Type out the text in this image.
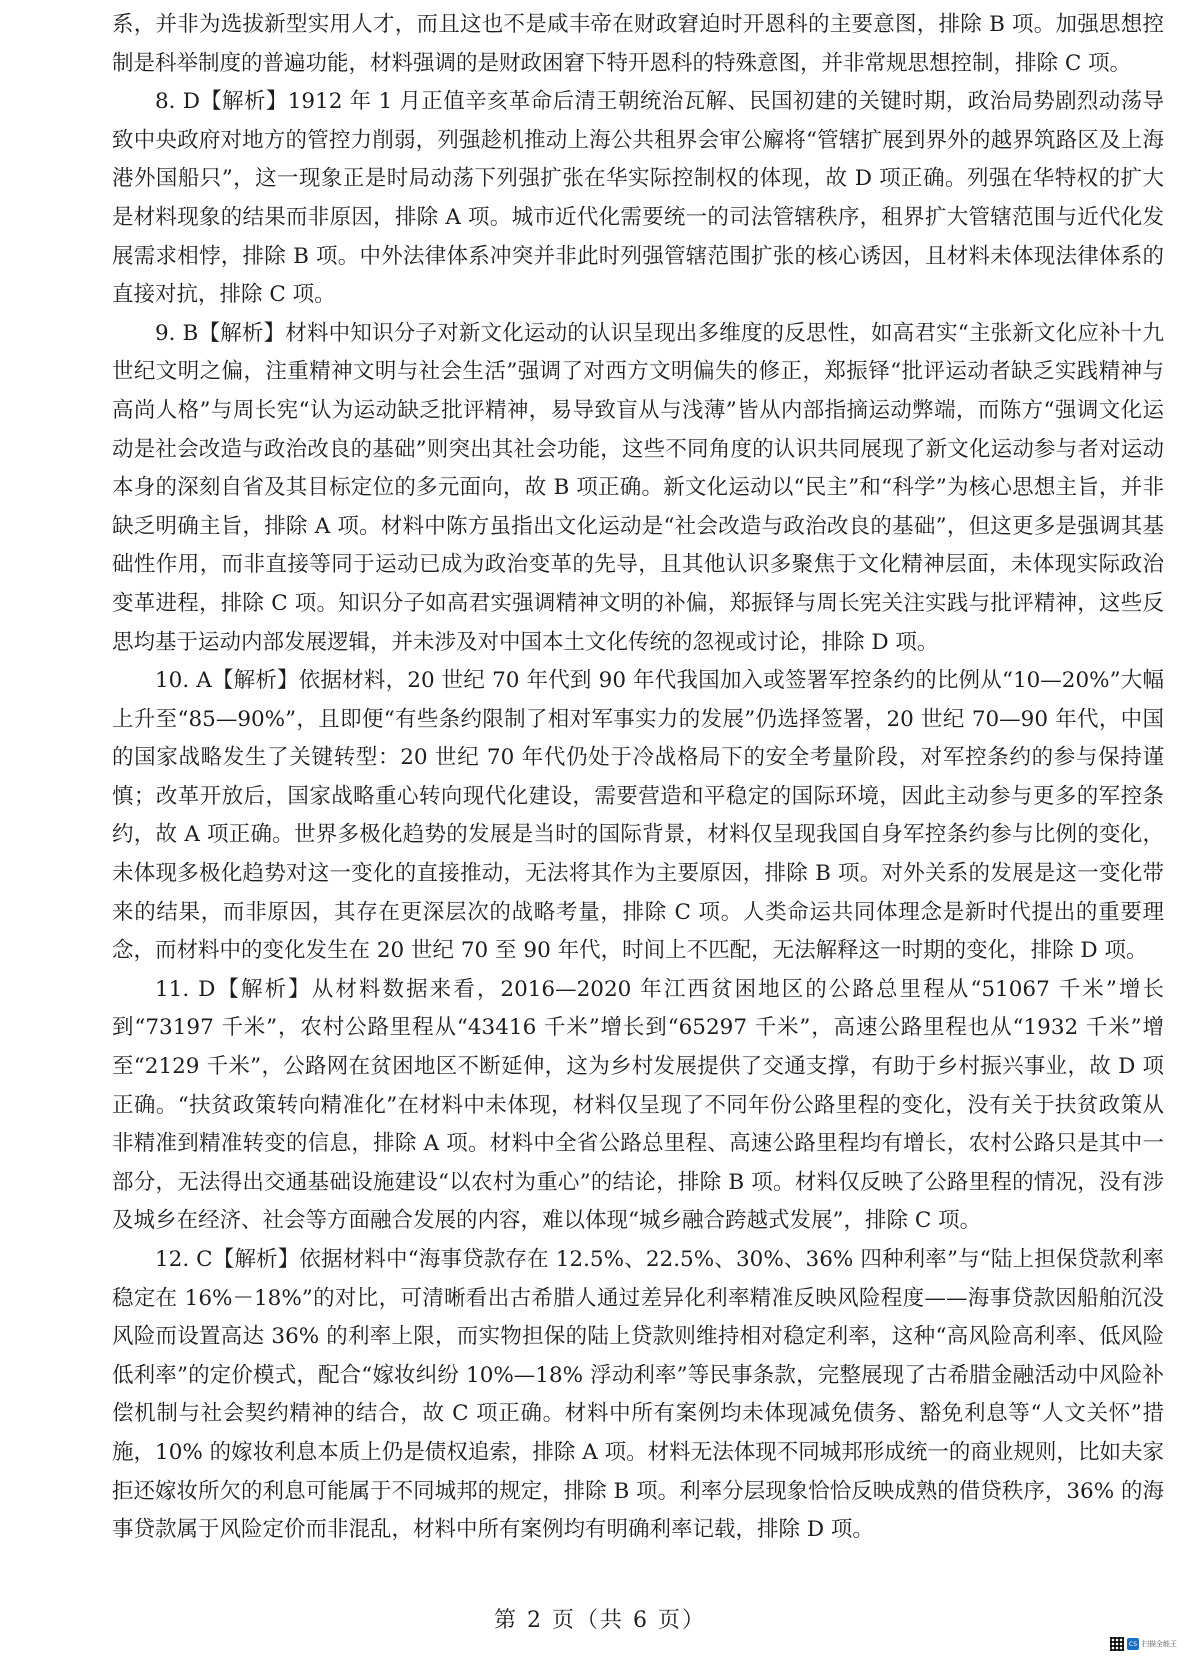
系，并非为选拔新型实用人才，而且这也不是咸丰帝在财政窘迫时开恩科的主要意图，排除 B 项。加强思想控制是科举制度的普遍功能，材料强调的是财政困窘下特开恩科的特殊意图，并非常规思想控制，排除 C 项。

8. D【解析】1912 年 1 月正值辛亥革命后清王朝统治瓦解、民国初建的关键时期，政治局势剧烈动荡导致中央政府对地方的管控力削弱，列强趁机推动上海公共租界会审公廨将“管辖扩展到界外的越界筑路区及上海港外国船只”，这一现象正是时局动荡下列强扩张在华实际控制权的体现，故 D 项正确。列强在华特权的扩大是材料现象的结果而非原因，排除 A 项。城市近代化需要统一的司法管辖秩序，租界扩大管辖范围与近代化发展需求相悖，排除 B 项。中外法律体系冲突并非此时列强管辖范围扩张的核心诱因，且材料未体现法律体系的直接对抗，排除 C 项。

9. B【解析】材料中知识分子对新文化运动的认识呈现出多维度的反思性，如高君实“主张新文化应补十九世纪文明之偏，注重精神文明与社会生活”强调了对西方文明偏失的修正，郑振铎“批评运动者缺乏实践精神与高尚人格”与周长宪“认为运动缺乏批评精神，易导致盲从与浅薄”皆从内部指摘运动弊端，而陈方“强调文化运动是社会改造与政治改良的基础”则突出其社会功能，这些不同角度的认识共同展现了新文化运动参与者对运动本身的深刻自省及其目标定位的多元面向，故 B 项正确。新文化运动以“民主”和“科学”为核心思想主旨，并非缺乏明确主旨，排除 A 项。材料中陈方虽指出文化运动是“社会改造与政治改良的基础”，但这更多是强调其基础性作用，而非直接等同于运动已成为政治变革的先导，且其他认识多聚焦于文化精神层面，未体现实际政治变革进程，排除 C 项。知识分子如高君实强调精神文明的补偏，郑振铎与周长宪关注实践与批评精神，这些反思均基于运动内部发展逻辑，并未涉及对中国本土文化传统的忽视或讨论，排除 D 项。

10. A【解析】依据材料，20 世纪 70 年代到 90 年代我国加入或签署军控条约的比例从“10—20%”大幅上升至“85—90%”，且即便“有些条约限制了相对军事实力的发展”仍选择签署，20 世纪 70—90 年代，中国的国家战略发生了关键转型：20 世纪 70 年代仍处于冷战格局下的安全考量阶段，对军控条约的参与保持谨慎；改革开放后，国家战略重心转向现代化建设，需要营造和平稳定的国际环境，因此主动参与更多的军控条约，故 A 项正确。世界多极化趋势的发展是当时的国际背景，材料仅呈现我国自身军控条约参与比例的变化，未体现多极化趋势对这一变化的直接推动，无法将其作为主要原因，排除 B 项。对外关系的发展是这一变化带来的结果，而非原因，其存在更深层次的战略考量，排除 C 项。人类命运共同体理念是新时代提出的重要理念，而材料中的变化发生在 20 世纪 70 至 90 年代，时间上不匹配，无法解释这一时期的变化，排除 D 项。

11. D【解析】从材料数据来看，2016—2020 年江西贫困地区的公路总里程从“51067 千米”增长到“73197 千米”，农村公路里程从“43416 千米”增长到“65297 千米”，高速公路里程也从“1932 千米”增至“2129 千米”，公路网在贫困地区不断延伸，这为乡村发展提供了交通支撑，有助于乡村振兴事业，故 D 项正确。“扶贫政策转向精准化”在材料中未体现，材料仅呈现了不同年份公路里程的变化，没有关于扶贫政策从非精准到精准转变的信息，排除 A 项。材料中全省公路总里程、高速公路里程均有增长，农村公路只是其中一部分，无法得出交通基础设施建设“以农村为重心”的结论，排除 B 项。材料仅反映了公路里程的情况，没有涉及城乡在经济、社会等方面融合发展的内容，难以体现“城乡融合跨越式发展”，排除 C 项。

12. C【解析】依据材料中“海事贷款存在 12.5%、22.5%、30%、36% 四种利率”与“陆上担保贷款利率稳定在 16%－18%”的对比，可清晰看出古希腊人通过差异化利率精准反映风险程度——海事贷款因船舶沉没风险而设置高达 36% 的利率上限，而实物担保的陆上贷款则维持相对稳定利率，这种“高风险高利率、低风险低利率”的定价模式，配合“嫁妆纠纷 10%—18% 浮动利率”等民事条款，完整展现了古希腊金融活动中风险补偿机制与社会契约精神的结合，故 C 项正确。材料中所有案例均未体现减免债务、豁免利息等“人文关怀”措施，10% 的嫁妆利息本质上仍是债权追索，排除 A 项。材料无法体现不同城邦形成统一的商业规则，比如夫家拒还嫁妆所欠的利息可能属于不同城邦的规定，排除 B 项。利率分层现象恰恰反映成熟的借贷秩序，36% 的海事贷款属于风险定价而非混乱，材料中所有案例均有明确利率记载，排除 D 项。

第 2 页（共 6 页）
CS 扫描全能王
